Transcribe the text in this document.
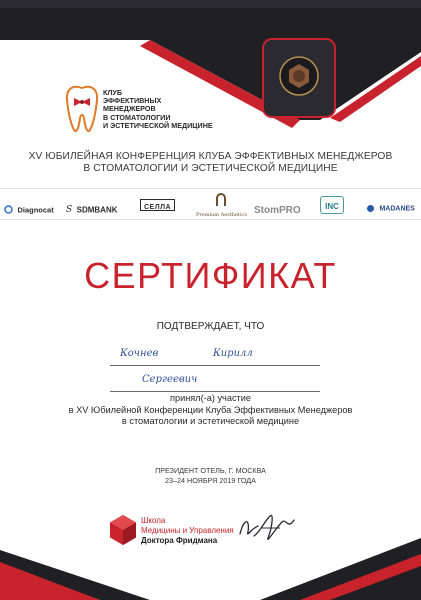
КЛУБ
ЭФФЕКТИВНЫХ
МЕНЕДЖЕРОВ
В СТОМАТОЛОГИИ
И ЭСТЕТИЧЕСКОЙ МЕДИЦИНЕ
XV ЮБИЛЕЙНАЯ КОНФЕРЕНЦИЯ КЛУБА ЭФФЕКТИВНЫХ МЕНЕДЖЕРОВ
В СТОМАТОЛОГИИ И ЭСТЕТИЧЕСКОЙ МЕДИЦИНЕ
Diagnocat S SDMBANK	СЕЛЛА
Premium Aesthetics StomPRO	INC	MADANES
СЕРТИФИКАТ
ПОДТВЕРЖДАЕТ, ЧТО
Кочнев	Кирилл
Сергеевич
принял(-а) участие
в XV Юбилейной Конференции Клуба Эффективных Менеджеров
в стоматологии и эстетической медицине
ПРЕЗИДЕНТ ОТЕЛЬ, Г. МОСКВА
23–24 НОЯБРЯ 2019 ГОДА
Школа
Медицины и Управления
Доктора Фридмана
